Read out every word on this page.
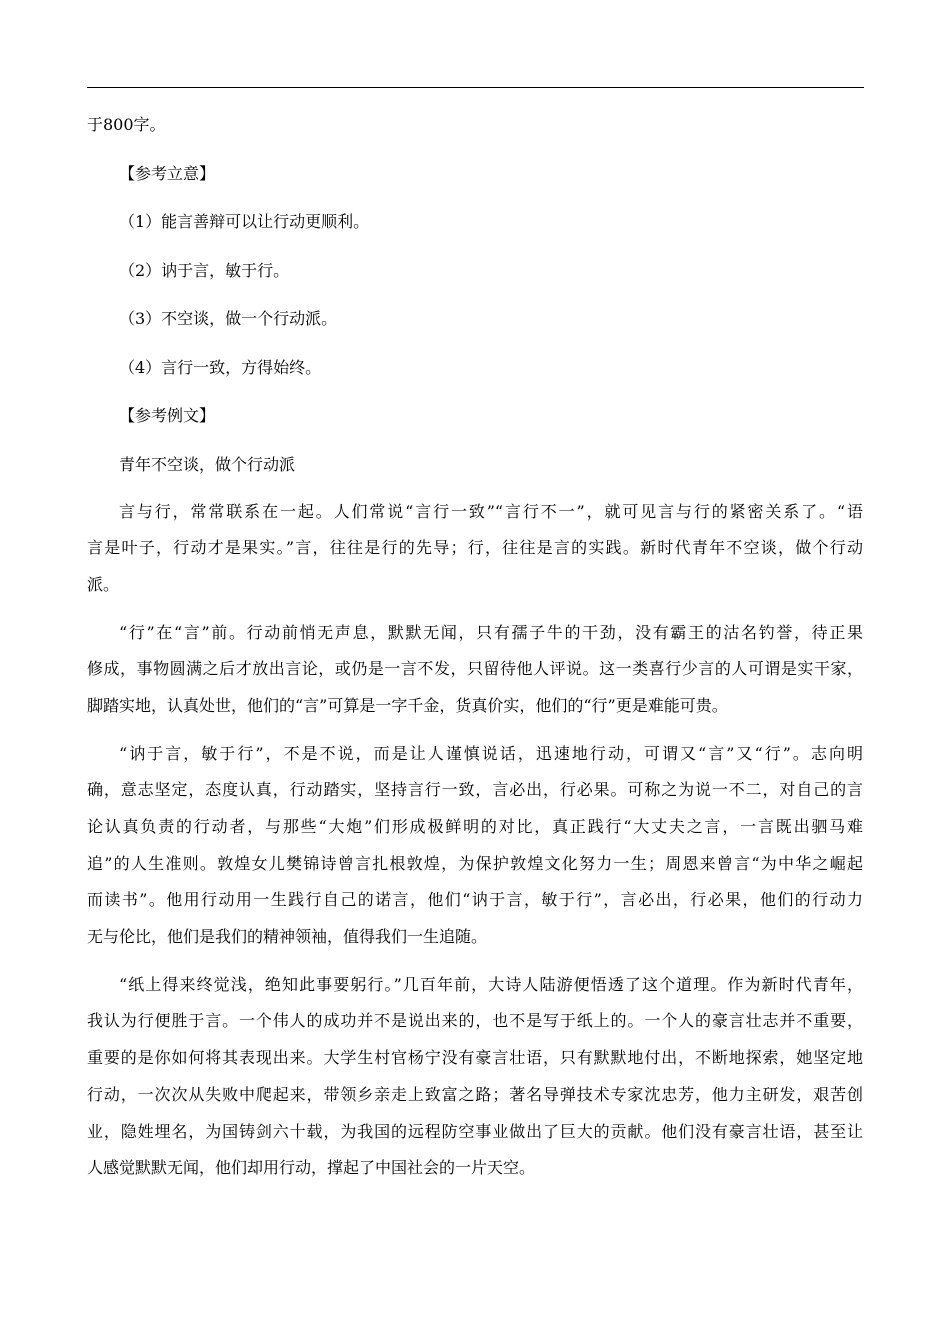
于800字。
【参考立意】
（1）能言善辩可以让行动更顺利。
（2）讷于言，敏于行。
（3）不空谈，做一个行动派。
（4）言行一致，方得始终。
【参考例文】
青年不空谈，做个行动派
言与行，常常联系在一起。人们常说“言行一致”“言行不一”，就可见言与行的紧密关系了。“语
言是叶子，行动才是果实。”言，往往是行的先导；行，往往是言的实践。新时代青年不空谈，做个行动
派。
“行”在“言”前。行动前悄无声息，默默无闻，只有孺子牛的干劲，没有霸王的沽名钓誉，待正果
修成，事物圆满之后才放出言论，或仍是一言不发，只留待他人评说。这一类喜行少言的人可谓是实干家，
脚踏实地，认真处世，他们的“言”可算是一字千金，货真价实，他们的“行”更是难能可贵。
“讷于言，敏于行”，不是不说，而是让人谨慎说话，迅速地行动，可谓又“言”又“行”。志向明
确，意志坚定，态度认真，行动踏实，坚持言行一致，言必出，行必果。可称之为说一不二，对自己的言
论认真负责的行动者，与那些“大炮”们形成极鲜明的对比，真正践行“大丈夫之言，一言既出驷马难
追”的人生准则。敦煌女儿樊锦诗曾言扎根敦煌，为保护敦煌文化努力一生；周恩来曾言“为中华之崛起
而读书”。他用行动用一生践行自己的诺言，他们“讷于言，敏于行”，言必出，行必果，他们的行动力
无与伦比，他们是我们的精神领袖，值得我们一生追随。
“纸上得来终觉浅，绝知此事要躬行。”几百年前，大诗人陆游便悟透了这个道理。作为新时代青年，
我认为行便胜于言。一个伟人的成功并不是说出来的，也不是写于纸上的。一个人的豪言壮志并不重要，
重要的是你如何将其表现出来。大学生村官杨宁没有豪言壮语，只有默默地付出，不断地探索，她坚定地
行动，一次次从失败中爬起来，带领乡亲走上致富之路；著名导弹技术专家沈忠芳，他力主研发，艰苦创
业，隐姓埋名，为国铸剑六十载，为我国的远程防空事业做出了巨大的贡献。他们没有豪言壮语，甚至让
人感觉默默无闻，他们却用行动，撑起了中国社会的一片天空。
